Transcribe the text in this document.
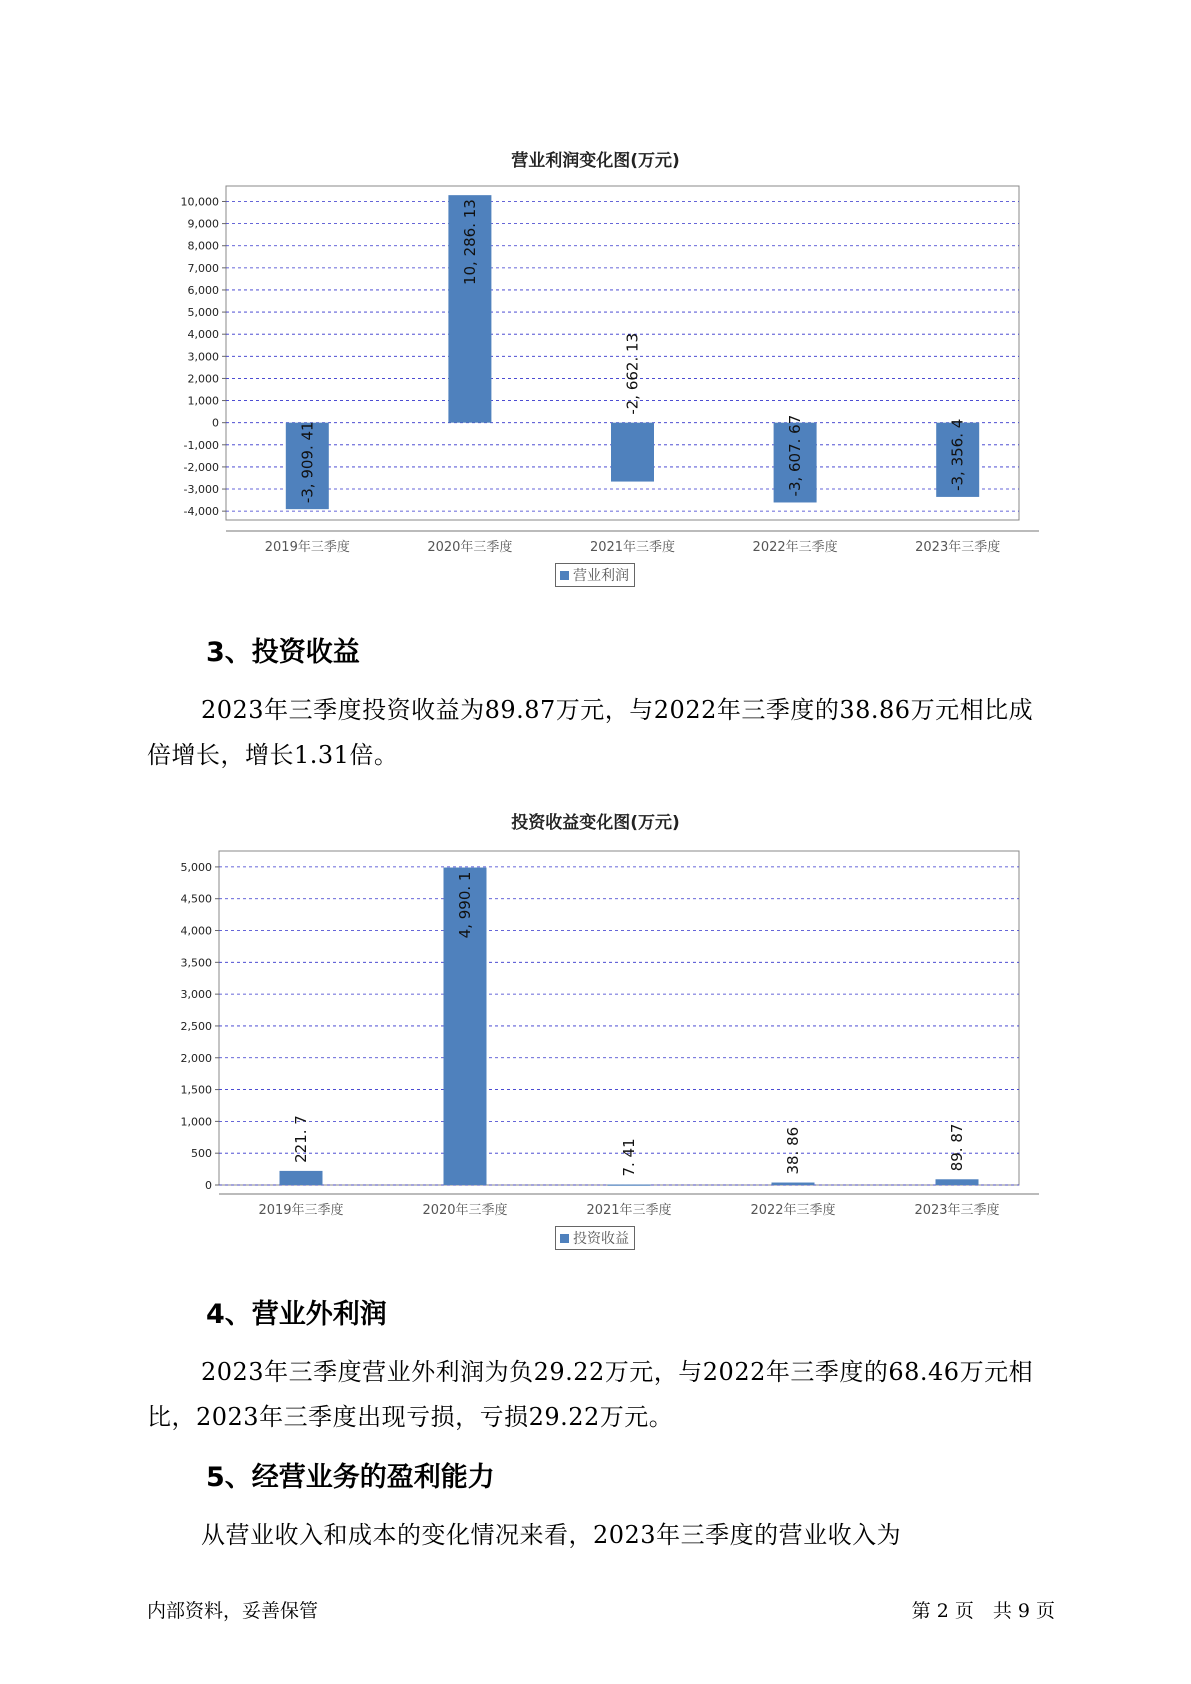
营业利润变化图(万元)
-4,000
-3,000
-2,000
-1,000
0
1,000
2,000
3,000
4,000
5,000
6,000
7,000
8,000
9,000
10,000
2019年三季度
-3, 909. 41
2020年三季度
10, 286. 13
2021年三季度
-2, 662. 13
2022年三季度
-3, 607. 67
2023年三季度
-3, 356. 4
营业利润
3、投资收益

2023年三季度投资收益为89.87万元，与2022年三季度的38.86万元相比成倍增长，增长1.31倍。

投资收益变化图(万元)
0
500
1,000
1,500
2,000
2,500
3,000
3,500
4,000
4,500
5,000
2019年三季度
221. 7
2020年三季度
4, 990. 1
2021年三季度
7. 41
2022年三季度
38. 86
2023年三季度
89. 87
投资收益
4、营业外利润

2023年三季度营业外利润为负29.22万元，与2022年三季度的68.46万元相比，2023年三季度出现亏损，亏损29.22万元。

5、经营业务的盈利能力

从营业收入和成本的变化情况来看，2023年三季度的营业收入为

内部资料，妥善保管	第 2 页　共 9 页
